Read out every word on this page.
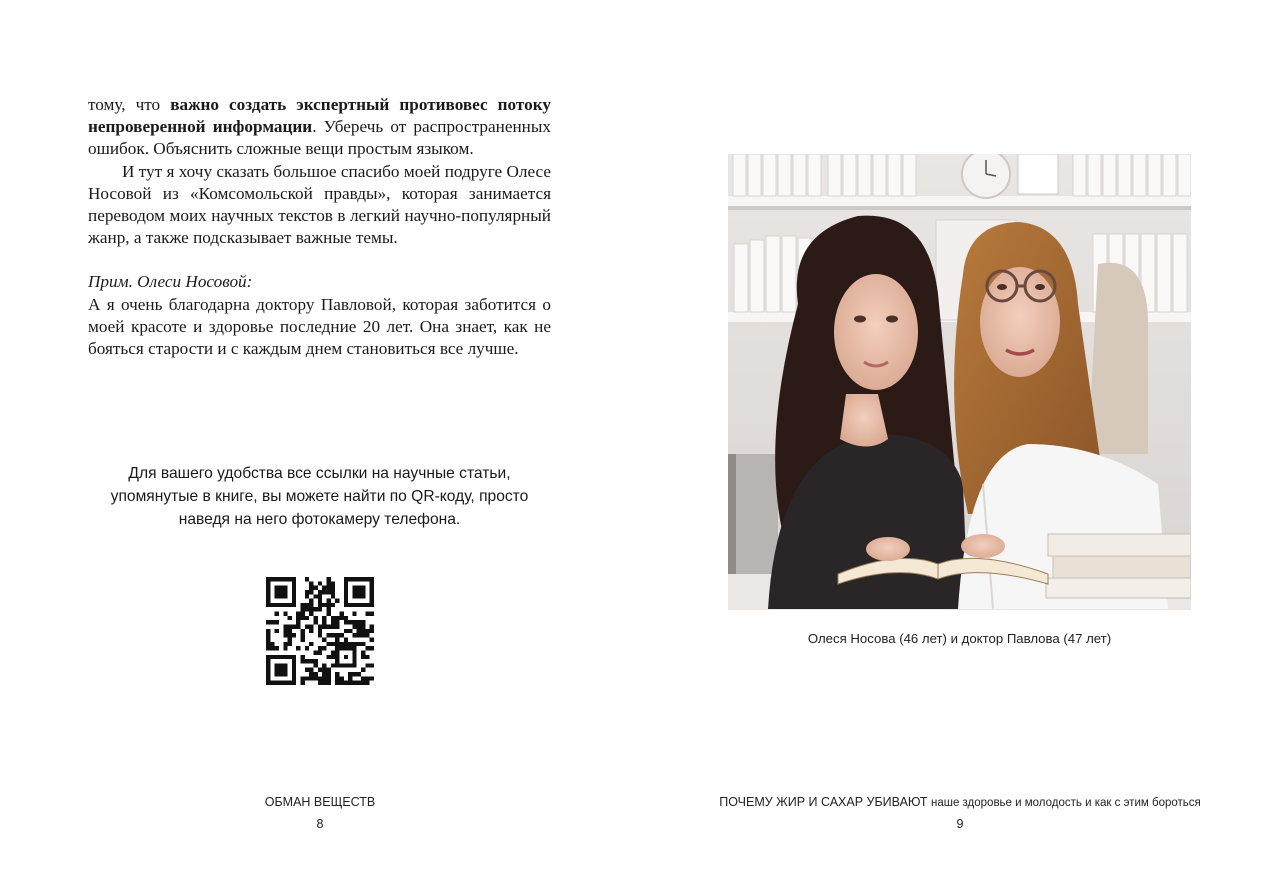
тому, что важно создать экспертный противовес потоку непроверенной информации. Уберечь от распространенных ошибок. Объяснить сложные вещи простым языком.

И тут я хочу сказать большое спасибо моей подруге Олесе Носовой из «Комсомольской правды», которая занимается переводом моих научных текстов в легкий научно-популярный жанр, а также подсказывает важные темы.

Прим. Олеси Носовой:

А я очень благодарна доктору Павловой, которая заботится о моей красоте и здоровье последние 20 лет. Она знает, как не бояться старости и с каждым днем становиться все лучше.

Для вашего удобства все ссылки на научные статьи, упомянутые в книге, вы можете найти по QR-коду, просто наведя на него фотокамеру телефона.
ОБМАН ВЕЩЕСТВ
8
Олеся Носова (46 лет) и доктор Павлова (47 лет)
ПОЧЕМУ ЖИР И САХАР УБИВАЮТ наше здоровье и молодость и как с этим бороться
9
